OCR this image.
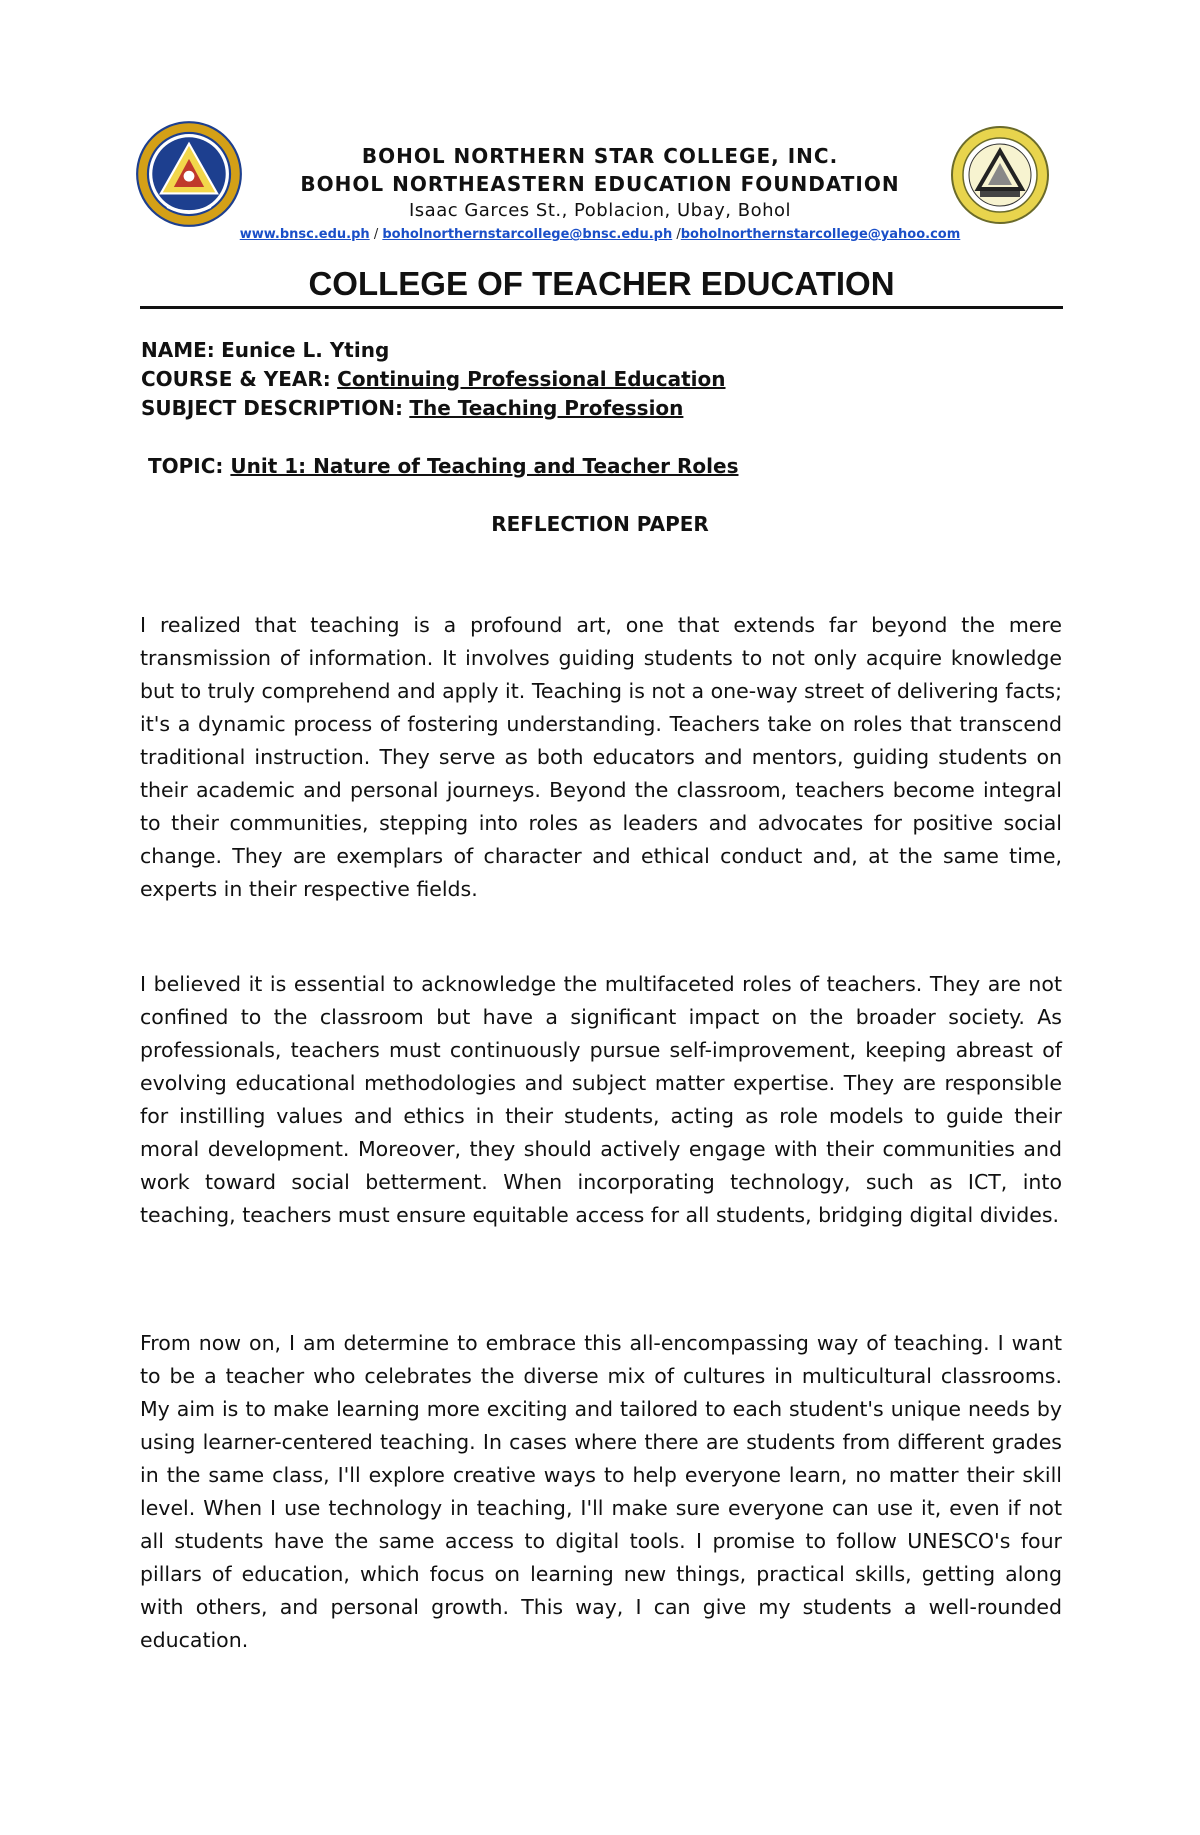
BOHOL NORTHERN STAR COLLEGE, INC.
BOHOL NORTHEASTERN EDUCATION FOUNDATION
Isaac Garces St., Poblacion, Ubay, Bohol
www.bnsc.edu.ph / boholnorthernstarcollege@bnsc.edu.ph /boholnorthernstarcollege@yahoo.com
COLLEGE OF TEACHER EDUCATION
NAME: Eunice L. Yting
COURSE & YEAR: Continuing Professional Education
SUBJECT DESCRIPTION: The Teaching Profession
TOPIC: Unit 1: Nature of Teaching and Teacher Roles
REFLECTION PAPER

I realized that teaching is a profound art, one that extends far beyond the mere transmission of information. It involves guiding students to not only acquire knowledge but to truly comprehend and apply it. Teaching is not a one-way street of delivering facts; it's a dynamic process of fostering understanding. Teachers take on roles that transcend traditional instruction. They serve as both educators and mentors, guiding students on their academic and personal journeys. Beyond the classroom, teachers become integral to their communities, stepping into roles as leaders and advocates for positive social change. They are exemplars of character and ethical conduct and, at the same time, experts in their respective fields.

I believed it is essential to acknowledge the multifaceted roles of teachers. They are not confined to the classroom but have a significant impact on the broader society. As professionals, teachers must continuously pursue self-improvement, keeping abreast of evolving educational methodologies and subject matter expertise. They are responsible for instilling values and ethics in their students, acting as role models to guide their moral development. Moreover, they should actively engage with their communities and work toward social betterment. When incorporating technology, such as ICT, into teaching, teachers must ensure equitable access for all students, bridging digital divides.

From now on, I am determine to embrace this all-encompassing way of teaching. I want to be a teacher who celebrates the diverse mix of cultures in multicultural classrooms. My aim is to make learning more exciting and tailored to each student's unique needs by using learner-centered teaching. In cases where there are students from different grades in the same class, I'll explore creative ways to help everyone learn, no matter their skill level. When I use technology in teaching, I'll make sure everyone can use it, even if not all students have the same access to digital tools. I promise to follow UNESCO's four pillars of education, which focus on learning new things, practical skills, getting along with others, and personal growth. This way, I can give my students a well-rounded education.
